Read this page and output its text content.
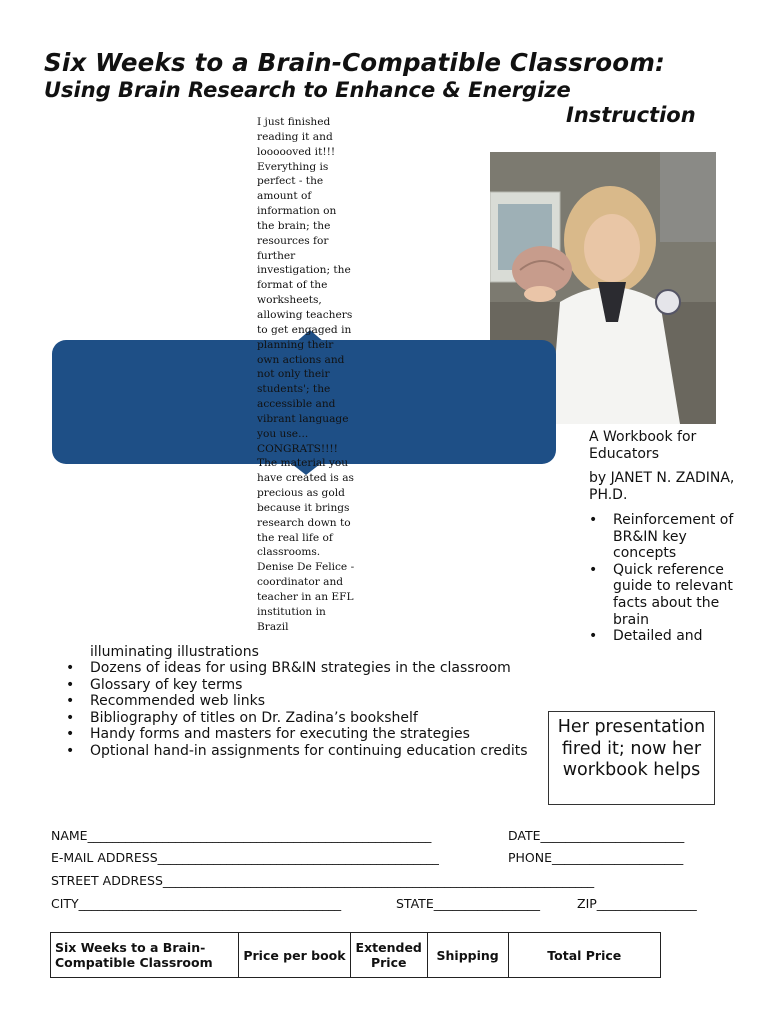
Six Weeks to a Brain-Compatible Classroom:
Using Brain Research to Enhance & Energize
Instruction
I just finished reading it and loooooved it!!! Everything is perfect - the amount of information on the brain; the resources for further investigation; the format of the worksheets, allowing teachers to get engaged in planning their own actions and not only their students'; the accessible and vibrant language you use... CONGRATS!!!! The material you have created is as precious as gold because it brings research down to the real life of classrooms. Denise De Felice - coordinator and teacher in an EFL institution in Brazil
A Workbook for Educators
by JANET N. ZADINA, PH.D.
• Reinforcement of BR&IN key concepts
• Quick reference guide to relevant facts about the brain
• Detailed and
illuminating illustrations
• Dozens of ideas for using BR&IN strategies in the classroom
• Glossary of key terms
• Recommended web links
• Bibliography of titles on Dr. Zadina’s bookshelf
• Handy forms and masters for executing the strategies
• Optional hand-in assignments for continuing education credits
Her presentation fired it; now her workbook helps
NAME_______________________________________________________	DATE_______________________
E-MAIL ADDRESS_____________________________________________	PHONE_____________________
STREET ADDRESS_____________________________________________________________________
CITY__________________________________________	STATE_________________	ZIP________________
Six Weeks to a Brain-Compatible Classroom	Price per book	Extended Price	Shipping	Total Price
